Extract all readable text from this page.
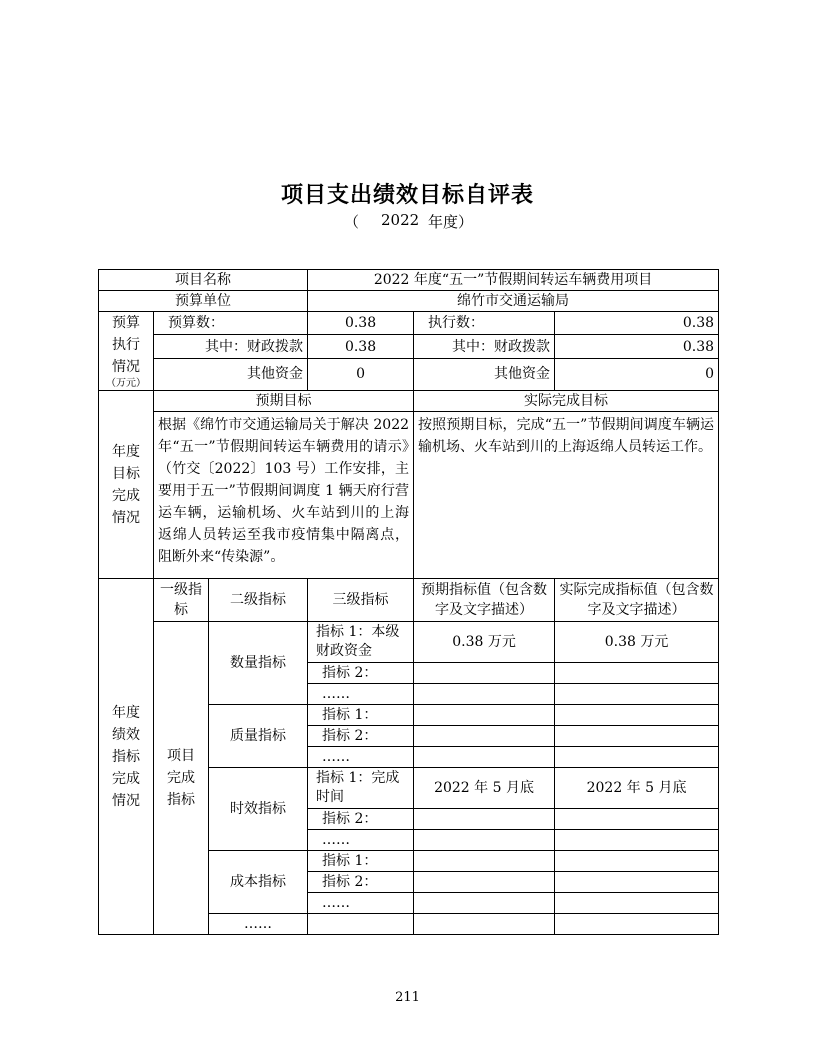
项目支出绩效目标自评表
（ 2022 年度）
项目名称			2022 年度“五一”节假期间转运车辆费用项目		
预算单位			绵竹市交通运输局		

预算执行情况
（万元）	预算数：		0.38	执行数：	0.38
	其中：财政拨款		0.38	其中：财政拨款	0.38
	其他资金		0	其他资金	0

年度目标完成情况	预期目标			实际完成目标	
	根据《绵竹市交通运输局关于解决 2022 年“五一”节假期间转运车辆费用的请示》（竹交〔2022〕103 号）工作安排，主要用于五一”节假期间调度 1 辆天府行营运车辆，运输机场、火车站到川的上海返绵人员转运至我市疫情集中隔离点，阻断外来“传染源”。			按照预期目标，完成“五一”节假期间调度车辆运输机场、火车站到川的上海返绵人员转运工作。	

年度绩效指标完成情况	一级指标	二级指标	三级指标	预期指标值（包含数字及文字描述）	实际完成指标值（包含数字及文字描述）

	项目完成指标	数量指标	指标 1：本级财政资金	0.38 万元	0.38 万元
			指标 2：		
			……		
		质量指标	指标 1：		
			指标 2：		
			……		
		时效指标	指标 1：完成时间	2022 年 5 月底	2022 年 5 月底
			指标 2：		
			……		
		成本指标	指标 1：		
			指标 2：		
			……		
		……			
211
